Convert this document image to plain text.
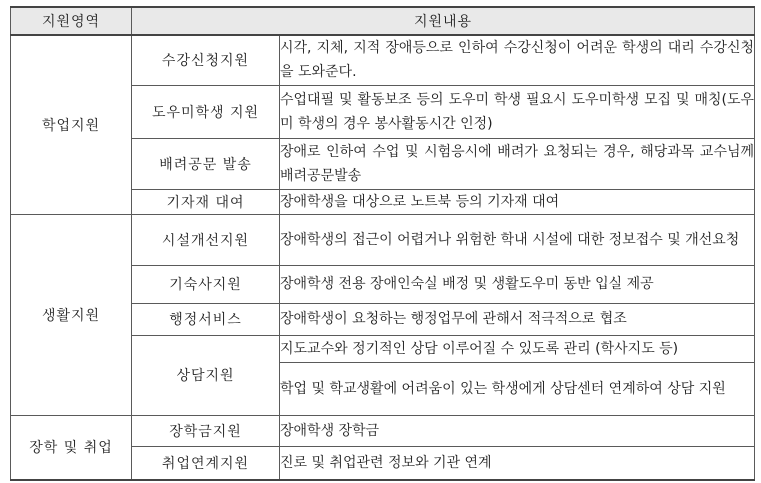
지원영역	지원내용	
학업지원	수강신청지원	시각, 지체, 지적 장애등으로 인하여 수강신청이 어려운 학생의 대리 수강신청을 도와준다.
	도우미학생 지원	수업대필 및 활동보조 등의 도우미 학생 필요시 도우미학생 모집 및 매칭(도우미 학생의 경우 봉사활동시간 인정)
	배려공문 발송	장애로 인하여 수업 및 시험응시에 배려가 요청되는 경우, 해당과목 교수님께 배려공문발송
	기자재 대여	장애학생을 대상으로 노트북 등의 기자재 대여
생활지원	시설개선지원	장애학생의 접근이 어렵거나 위험한 학내 시설에 대한 정보접수 및 개선요청
	기숙사지원	장애학생 전용 장애인숙실 배정 및 생활도우미 동반 입실 제공
	행정서비스	장애학생이 요청하는 행정업무에 관해서 적극적으로 협조
	상담지원	지도교수와 정기적인 상담 이루어질 수 있도록 관리 (학사지도 등)
		학업 및 학교생활에 어려움이 있는 학생에게 상담센터 연계하여 상담 지원
장학 및 취업	장학금지원	장애학생 장학금
	취업연계지원	진로 및 취업관련 정보와 기관 연계
